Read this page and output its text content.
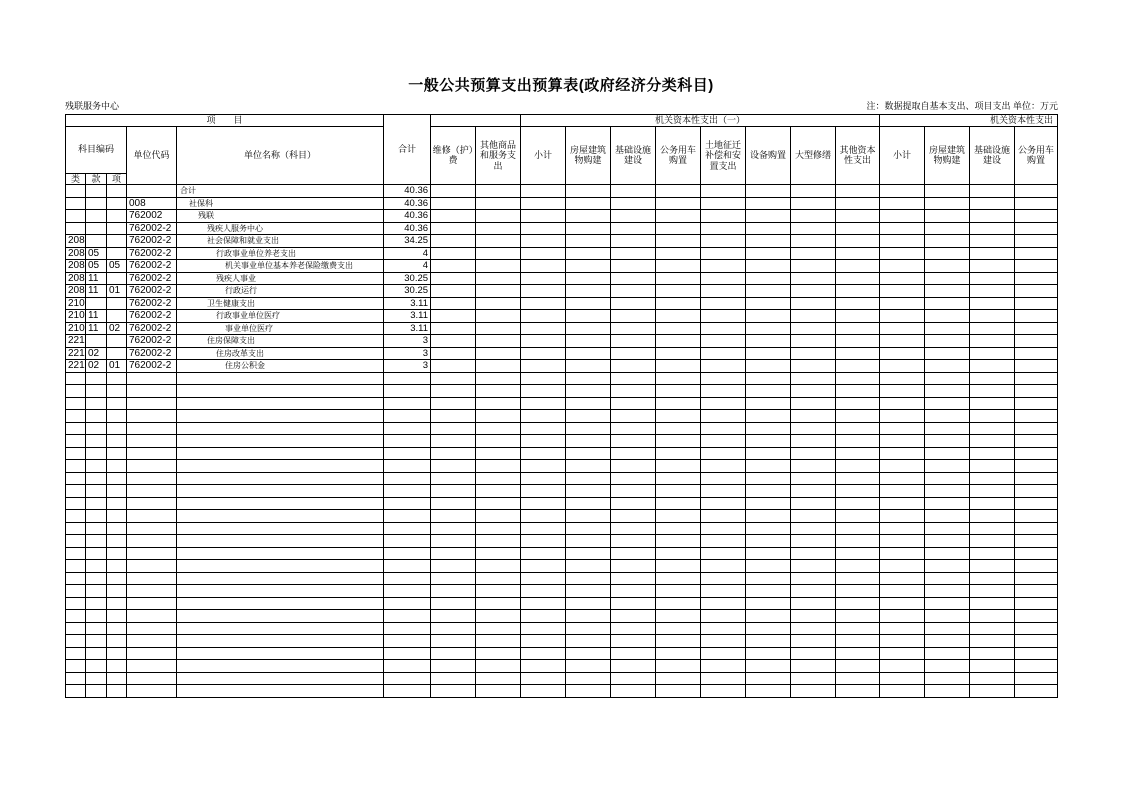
一般公共预算支出预算表(政府经济分类科目)
残联服务中心	注：数据提取自基本支出、项目支出 单位：万元
项　　目					合计			机关资本性支出（一）								机关资本性支出			
科目编码			单位代码	单位名称（科目）		维修（护）费	其他商品和服务支出	小计	房屋建筑物购建	基础设施建设	公务用车购置	土地征迁补偿和安置支出	设备购置	大型修缮	其他资本性支出	小计	房屋建筑物购建	基础设施建设	公务用车购置
类	款	项																	
				合计	40.36														
			008	社保科	40.36														
			762002	残联	40.36														
			762002-2	残疾人服务中心	40.36														
208			762002-2	社会保障和就业支出	34.25														
208	05		762002-2	行政事业单位养老支出	4														
208	05	05	762002-2	机关事业单位基本养老保险缴费支出	4														
208	11		762002-2	残疾人事业	30.25														
208	11	01	762002-2	行政运行	30.25														
210			762002-2	卫生健康支出	3.11														
210	11		762002-2	行政事业单位医疗	3.11														
210	11	02	762002-2	事业单位医疗	3.11														
221			762002-2	住房保障支出	3														
221	02		762002-2	住房改革支出	3														
221	02	01	762002-2	住房公积金	3														
